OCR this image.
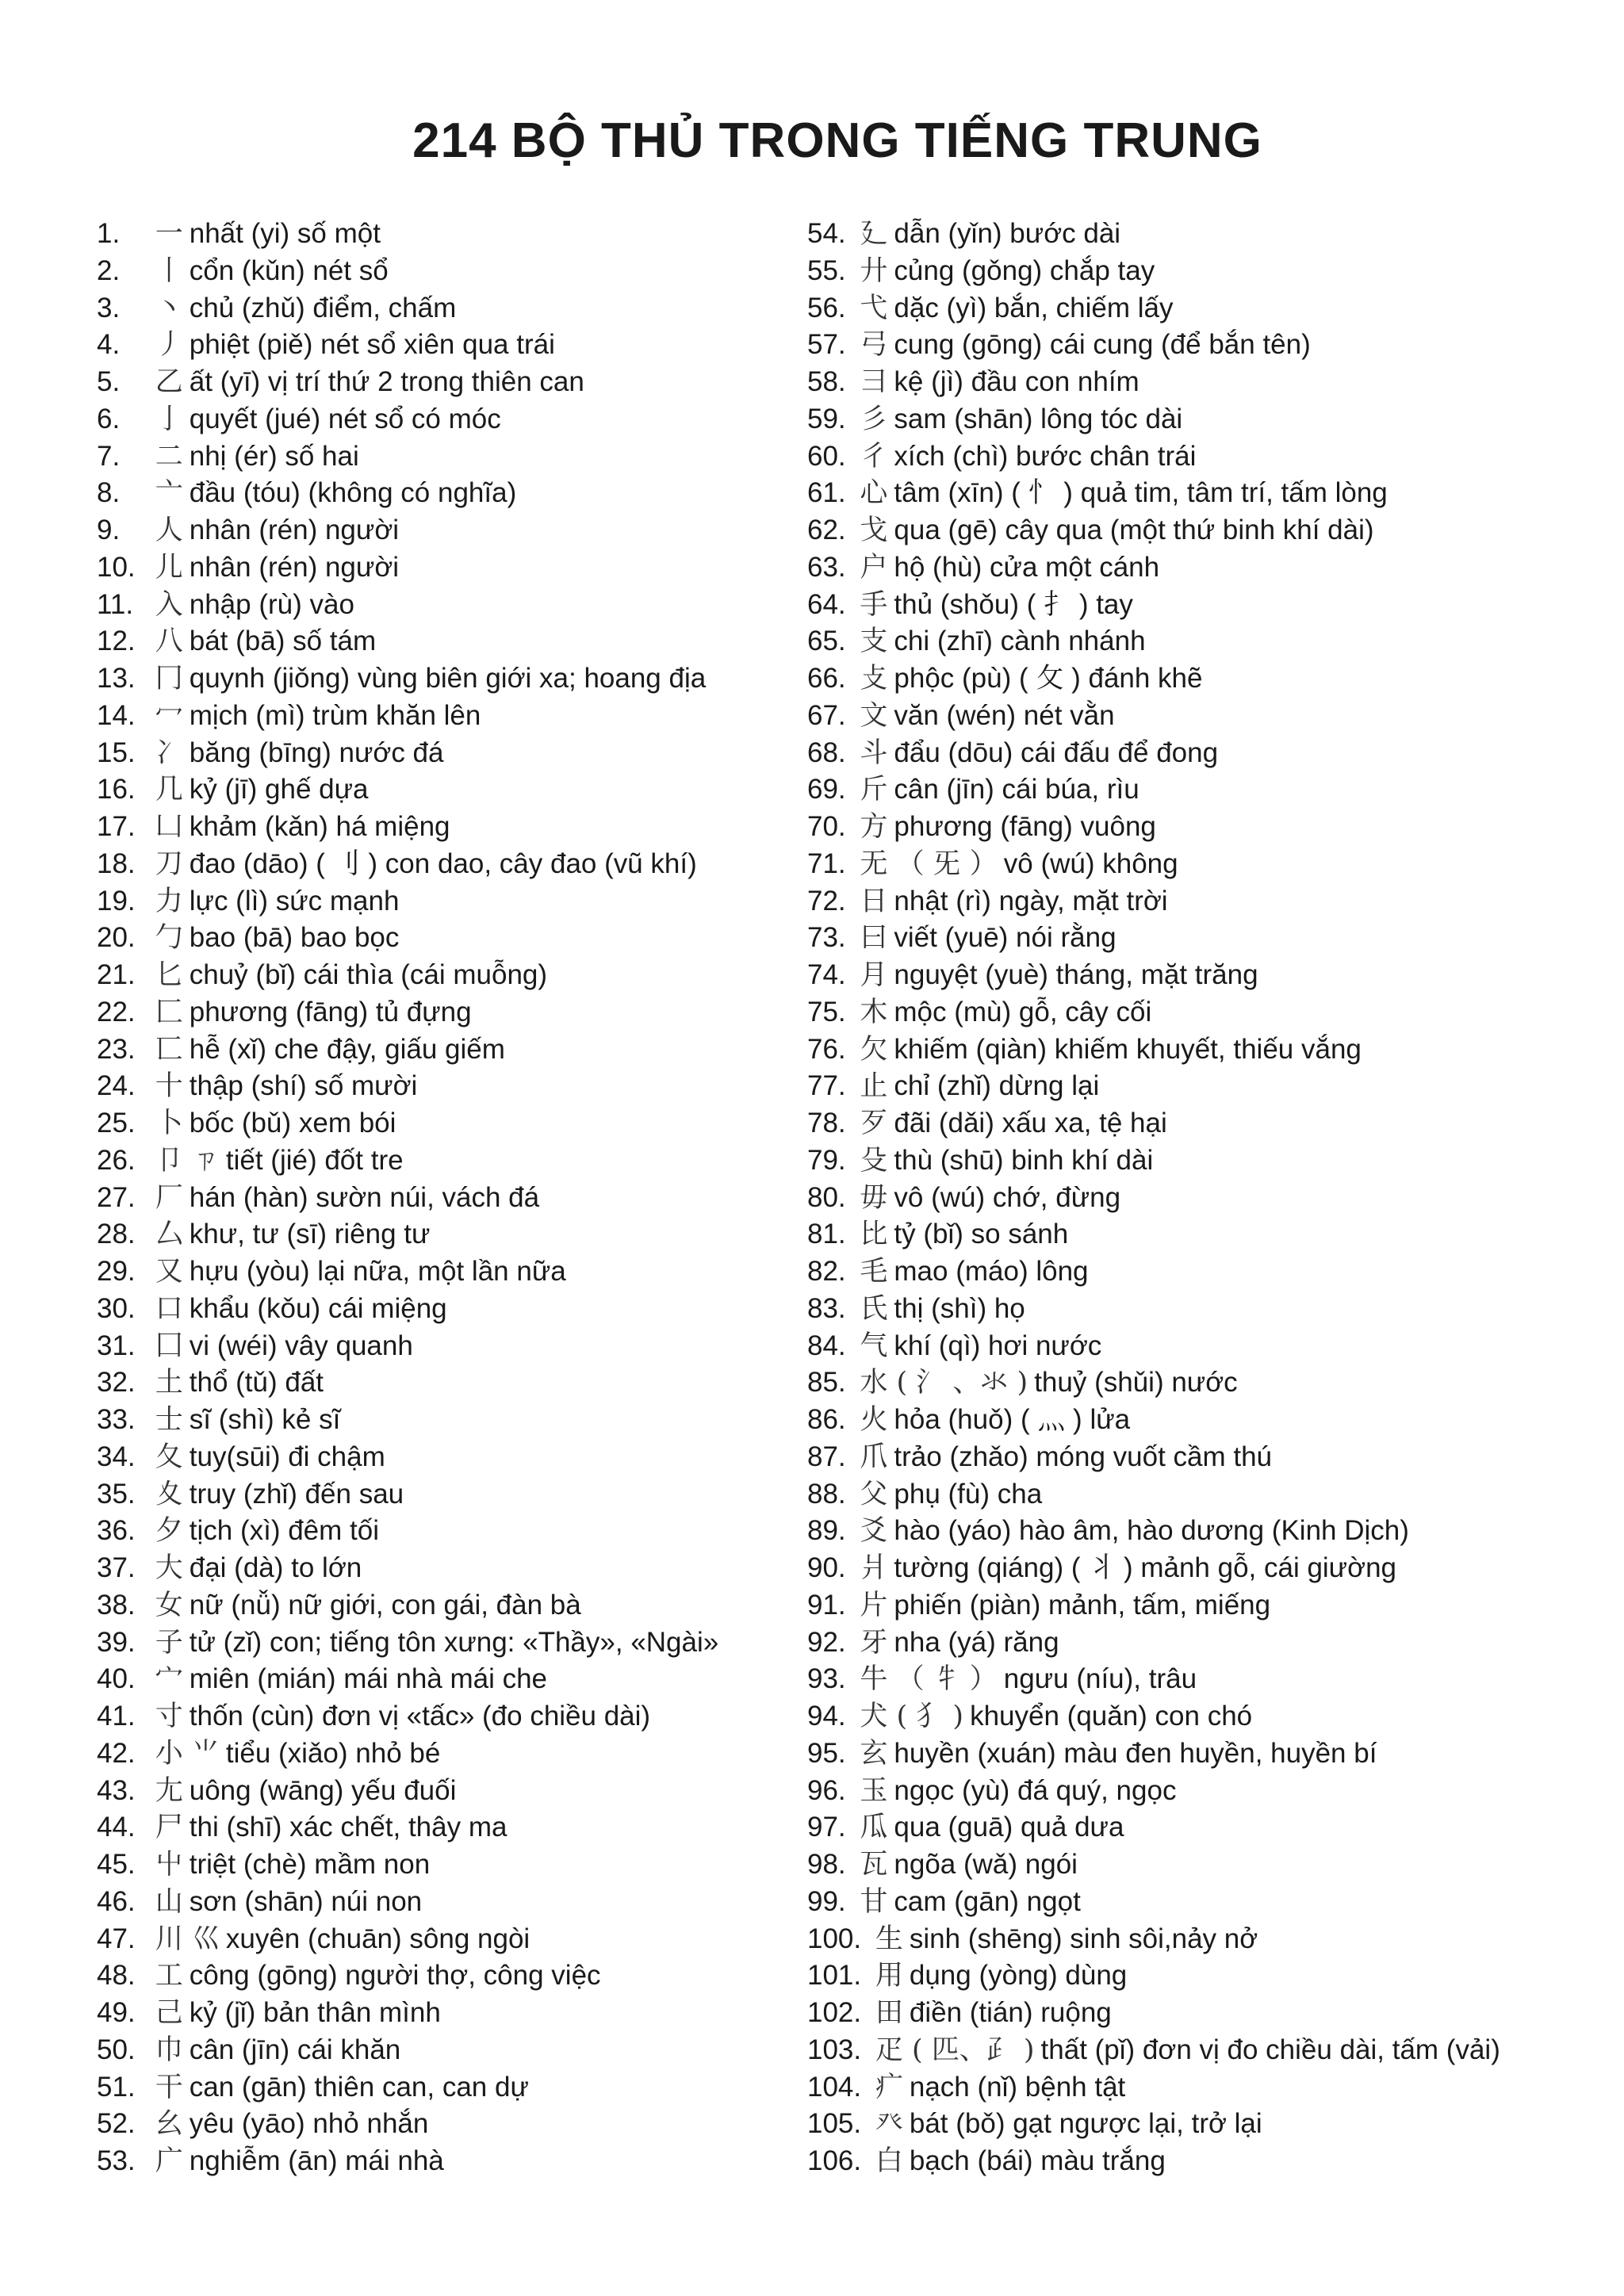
214 BỘ THỦ TRONG TIẾNG TRUNG
1. 一 nhất (yi) số một
2. 丨 cổn (kǔn) nét sổ
3. 丶 chủ (zhǔ) điểm, chấm
4. 丿 phiệt (piě) nét sổ xiên qua trái
5. 乙 ất (yī) vị trí thứ 2 trong thiên can
6. 亅 quyết (jué) nét sổ có móc
7. 二 nhị (ér) số hai
8. 亠 đầu (tóu) (không có nghĩa)
9. 人 nhân (rén) người
10. 儿 nhân (rén) người
11. 入 nhập (rù) vào
12. 八 bát (bā) số tám
13. 冂 quynh (jiǒng) vùng biên giới xa; hoang địa
14. 冖 mịch (mì) trùm khăn lên
15. 冫 băng (bīng) nước đá
16. 几 kỷ (jī) ghế dựa
17. 凵 khảm (kǎn) há miệng
18. 刀 đao (dāo) ( 刂 ) con dao, cây đao (vũ khí)
19. 力 lực (lì) sức mạnh
20. 勹 bao (bā) bao bọc
21. 匕 chuỷ (bǐ) cái thìa (cái muỗng)
22. 匚 phương (fāng) tủ đựng
23. 匸 hễ (xǐ) che đậy, giấu giếm
24. 十 thập (shí) số mười
25. 卜 bốc (bǔ) xem bói
26. 卩 ㄗ tiết (jié) đốt tre
27. 厂 hán (hàn) sườn núi, vách đá
28. 厶 khư, tư (sī) riêng tư
29. 又 hựu (yòu) lại nữa, một lần nữa
30. 口 khẩu (kǒu) cái miệng
31. 囗 vi (wéi) vây quanh
32. 土 thổ (tǔ) đất
33. 士 sĩ (shì) kẻ sĩ
34. 夂 tuy(sūi) đi chậm
35. 夊 truy (zhǐ) đến sau
36. 夕 tịch (xì) đêm tối
37. 大 đại (dà) to lớn
38. 女 nữ (nǚ) nữ giới, con gái, đàn bà
39. 子 tử (zǐ) con; tiếng tôn xưng: «Thầy», «Ngài»
40. 宀 miên (mián) mái nhà mái che
41. 寸 thốn (cùn) đơn vị «tấc» (đo chiều dài)
42. 小 ⺌ tiểu (xiǎo) nhỏ bé
43. 尢 uông (wāng) yếu đuối
44. 尸 thi (shī) xác chết, thây ma
45. 屮 triệt (chè) mầm non
46. 山 sơn (shān) núi non
47. 川 巛 xuyên (chuān) sông ngòi
48. 工 công (gōng) người thợ, công việc
49. 己 kỷ (jǐ) bản thân mình
50. 巾 cân (jīn) cái khăn
51. 干 can (gān) thiên can, can dự
52. 幺 yêu (yāo) nhỏ nhắn
53. 广 nghiễm (ān) mái nhà
54. 廴 dẫn (yǐn) bước dài
55. 廾 củng (gǒng) chắp tay
56. 弋 dặc (yì) bắn, chiếm lấy
57. 弓 cung (gōng) cái cung (để bắn tên)
58. 彐 kệ (jì) đầu con nhím
59. 彡 sam (shān) lông tóc dài
60. 彳 xích (chì) bước chân trái
61. 心 tâm (xīn) ( 忄 ) quả tim, tâm trí, tấm lòng
62. 戈 qua (gē) cây qua (một thứ binh khí dài)
63. 户 hộ (hù) cửa một cánh
64. 手 thủ (shǒu) ( 扌 ) tay
65. 支 chi (zhī) cành nhánh
66. 攴 phộc (pù) ( 攵 ) đánh khẽ
67. 文 văn (wén) nét vằn
68. 斗 đẩu (dōu) cái đấu để đong
69. 斤 cân (jīn) cái búa, rìu
70. 方 phương (fāng) vuông
71. 无 （ 旡 ） vô (wú) không
72. 日 nhật (rì) ngày, mặt trời
73. 曰 viết (yuē) nói rằng
74. 月 nguyệt (yuè) tháng, mặt trăng
75. 木 mộc (mù) gỗ, cây cối
76. 欠 khiếm (qiàn) khiếm khuyết, thiếu vắng
77. 止 chỉ (zhǐ) dừng lại
78. 歹 đãi (dǎi) xấu xa, tệ hại
79. 殳 thù (shū) binh khí dài
80. 毋 vô (wú) chớ, đừng
81. 比 tỷ (bǐ) so sánh
82. 毛 mao (máo) lông
83. 氏 thị (shì) họ
84. 气 khí (qì) hơi nước
85. 水 ( 氵 、氺 ) thuỷ (shǔi) nước
86. 火 hỏa (huǒ) ( 灬 ) lửa
87. 爪 trảo (zhǎo) móng vuốt cầm thú
88. 父 phụ (fù) cha
89. 爻 hào (yáo) hào âm, hào dương (Kinh Dịch)
90. 爿 tường (qiáng) ( 丬 ) mảnh gỗ, cái giường
91. 片 phiến (piàn) mảnh, tấm, miếng
92. 牙 nha (yá) răng
93. 牛 （ 牜 ） ngưu (níu), trâu
94. 犬 ( 犭 ) khuyển (quǎn) con chó
95. 玄 huyền (xuán) màu đen huyền, huyền bí
96. 玉 ngọc (yù) đá quý, ngọc
97. 瓜 qua (guā) quả dưa
98. 瓦 ngõa (wǎ) ngói
99. 甘 cam (gān) ngọt
100. 生 sinh (shēng) sinh sôi,nảy nở
101. 用 dụng (yòng) dùng
102. 田 điền (tián) ruộng
103. 疋 ( 匹、⺪ ) thất (pǐ) đơn vị đo chiều dài, tấm (vải)
104. 疒 nạch (nǐ) bệnh tật
105. 癶 bát (bǒ) gạt ngược lại, trở lại
106. 白 bạch (bái) màu trắng
